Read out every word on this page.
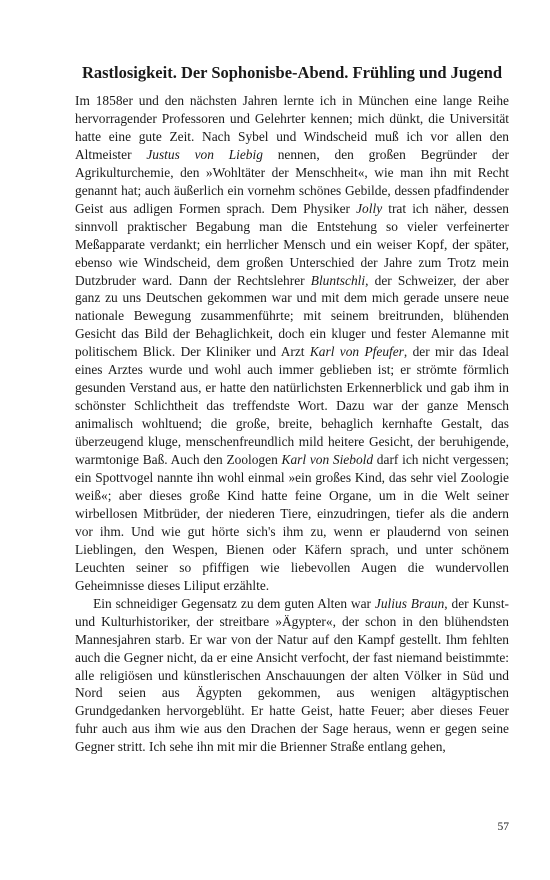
Rastlosigkeit. Der Sophonisbe-Abend. Frühling und Jugend

Im 1858er und den nächsten Jahren lernte ich in München eine lange Reihe hervorragender Professoren und Gelehrter kennen; mich dünkt, die Universität hatte eine gute Zeit. Nach Sybel und Windscheid muß ich vor allen den Altmeister Justus von Liebig nennen, den großen Begründer der Agrikulturchemie, den »Wohltäter der Menschheit«, wie man ihn mit Recht genannt hat; auch äußerlich ein vornehm schönes Gebilde, dessen pfadfindender Geist aus adligen Formen sprach. Dem Physiker Jolly trat ich näher, dessen sinnvoll praktischer Begabung man die Entstehung so vieler verfeinerter Meßapparate verdankt; ein herrlicher Mensch und ein weiser Kopf, der später, ebenso wie Windscheid, dem großen Unterschied der Jahre zum Trotz mein Dutzbruder ward. Dann der Rechtslehrer Bluntschli, der Schweizer, der aber ganz zu uns Deutschen gekommen war und mit dem mich gerade unsere neue nationale Bewegung zusammenführte; mit seinem breitrunden, blühenden Gesicht das Bild der Behaglichkeit, doch ein kluger und fester Alemanne mit politischem Blick. Der Kliniker und Arzt Karl von Pfeufer, der mir das Ideal eines Arztes wurde und wohl auch immer geblieben ist; er strömte förmlich gesunden Verstand aus, er hatte den natürlichsten Erkennerblick und gab ihm in schönster Schlichtheit das treffendste Wort. Dazu war der ganze Mensch animalisch wohltuend; die große, breite, behaglich kernhafte Gestalt, das überzeugend kluge, menschenfreundlich mild heitere Gesicht, der beruhigende, warmtonige Baß. Auch den Zoologen Karl von Siebold darf ich nicht vergessen; ein Spottvogel nannte ihn wohl einmal »ein großes Kind, das sehr viel Zoologie weiß«; aber dieses große Kind hatte feine Organe, um in die Welt seiner wirbellosen Mitbrüder, der niederen Tiere, einzudringen, tiefer als die andern vor ihm. Und wie gut hörte sich's ihm zu, wenn er plaudernd von seinen Lieblingen, den Wespen, Bienen oder Käfern sprach, und unter schönem Leuchten seiner so pfiffigen wie liebevollen Augen die wundervollen Geheimnisse dieses Liliput erzählte.

Ein schneidiger Gegensatz zu dem guten Alten war Julius Braun, der Kunst- und Kulturhistoriker, der streitbare »Ägypter«, der schon in den blühendsten Mannesjahren starb. Er war von der Natur auf den Kampf gestellt. Ihm fehlten auch die Gegner nicht, da er eine Ansicht verfocht, der fast niemand beistimmte: alle religiösen und künstlerischen Anschauungen der alten Völker in Süd und Nord seien aus Ägypten gekommen, aus wenigen altägyptischen Grundgedanken hervorgeblüht. Er hatte Geist, hatte Feuer; aber dieses Feuer fuhr auch aus ihm wie aus den Drachen der Sage heraus, wenn er gegen seine Gegner stritt. Ich sehe ihn mit mir die Brienner Straße entlang gehen,

57
